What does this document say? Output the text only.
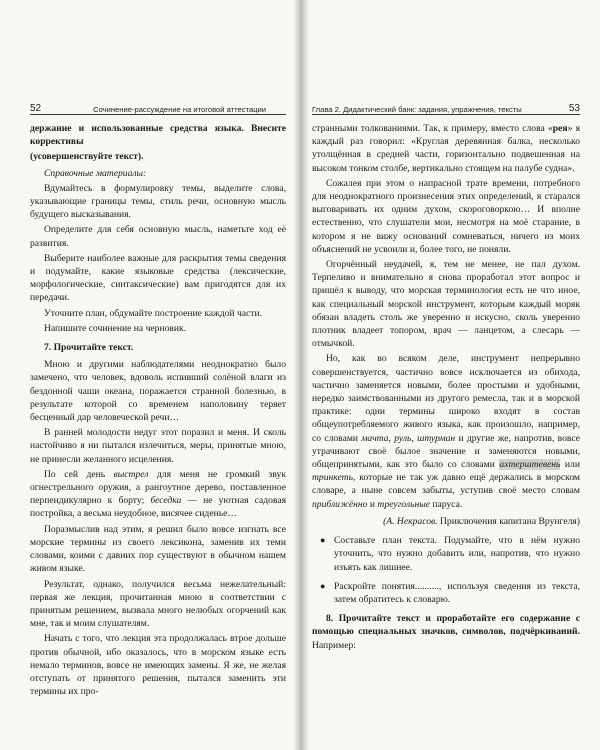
52	Сочинение-рассуждение на итоговой аттестации

держание и использованные средства языка. Внесите коррективы

(усовершенствуйте текст).

Справочные материалы:

Вдумайтесь в формулировку темы, выделите слова, указывающие границы темы, стиль речи, основную мысль будущего высказывания.

Определите для себя основную мысль, наметьте ход её развития.

Выберите наиболее важные для раскрытия темы сведения и подумайте, какие языковые средства (лексические, морфологические, синтаксические) вам пригодятся для их передачи.

Уточните план, обдумайте построение каждой части.

Напишите сочинение на черновик.

7. Прочитайте текст.

Мною и другими наблюдателями неоднократно было замечено, что человек, вдоволь испивший солёной влаги из бездонной чаши океана, поражается странной болезнью, в результате которой со временем наполовину теряет бесценный дар человеческой речи…

В ранней молодости недуг этот поразил и меня. И сколь настойчиво я ни пытался излечиться, меры, принятые мною, не принесли желанного исцеления.

По сей день выстрел для меня не громкий звук огнестрельного оружия, а рангоутное дерево, поставленное перпендикулярно к борту; беседка — не уютная садовая постройка, а весьма неудобное, висячее сиденье…

Поразмыслив над этим, я решил было вовсе изгнать все морские термины из своего лексикона, заменив их теми словами, коими с давних пор существуют в обычном нашем живом языке.

Результат, однако, получился весьма нежелательный: первая же лекция, прочитанная мною в соответствии с принятым решением, вызвала много нелюбых огорчений как мне, так и моим слушателям.

Начать с того, что лекция эта продолжалась втрое дольше против обычной, ибо оказалось, что в морском языке есть немало терминов, вовсе не имеющих замены. Я же, не желая отступать от принятого решения, пытался заменить эти термины их про-

Глава 2. Дидактический банк: задания, упражнения, тексты	53

странными толкованиями. Так, к примеру, вместо слова «рея» я каждый раз говорил: «Круглая деревянная балка, несколько утолщённая в средней части, горизонтально подвешенная на высоком тонком столбе, вертикально стоящем на палубе судна».

Сожалея при этом о напрасной трате времени, потребного для неоднократного произнесения этих определений, я старался выговаривать их одним духом, скороговоркою… И вполне естественно, что слушатели мои, несмотря на моё старание, в котором я не вижу оснований сомневаться, ничего из моих объяснений не усвоили и, более того, не поняли.

Огорчённый неудачей, я, тем не менее, не пал духом. Терпеливо и внимательно я снова проработал этот вопрос и пришёл к выводу, что морская терминология есть не что иное, как специальный морской инструмент, которым каждый моряк обязан владеть столь же уверенно и искусно, сколь уверенно плотник владеет топором, врач — ланцетом, а слесарь — отмычкой.

Но, как во всяком деле, инструмент непрерывно совершенствуется, частично вовсе исключается из обихода, частично заменяется новыми, более простыми и удобными, нередко заимствованными из другого ремесла, так и в морской практике: одни термины широко входят в состав общеупотребляемого живого языка, как произошло, например, со словами мачта, руль, штурман и другие же, напротив, вовсе утрачивают своё былое значение и заменяются новыми, общепринятыми, как это было со словами ахтерштевень или тринкеть, которые не так уж давно ещё держались в морском словаре, а ныне совсем забыты, уступив своё место словам приближённо и треугольные паруса.

(А. Некрасов. Приключения капитана Врунгеля)

● Составьте план текста. Подумайте, что в нём нужно уточнить, что нужно добавить или, напротив, что нужно изъять как лишнее.
● Раскройте понятия.........., используя сведения из текста, затем обратитесь к словарю.

8. Прочитайте текст и проработайте его содержание с помощью специальных значков, символов, подчёркиваний. Например:
